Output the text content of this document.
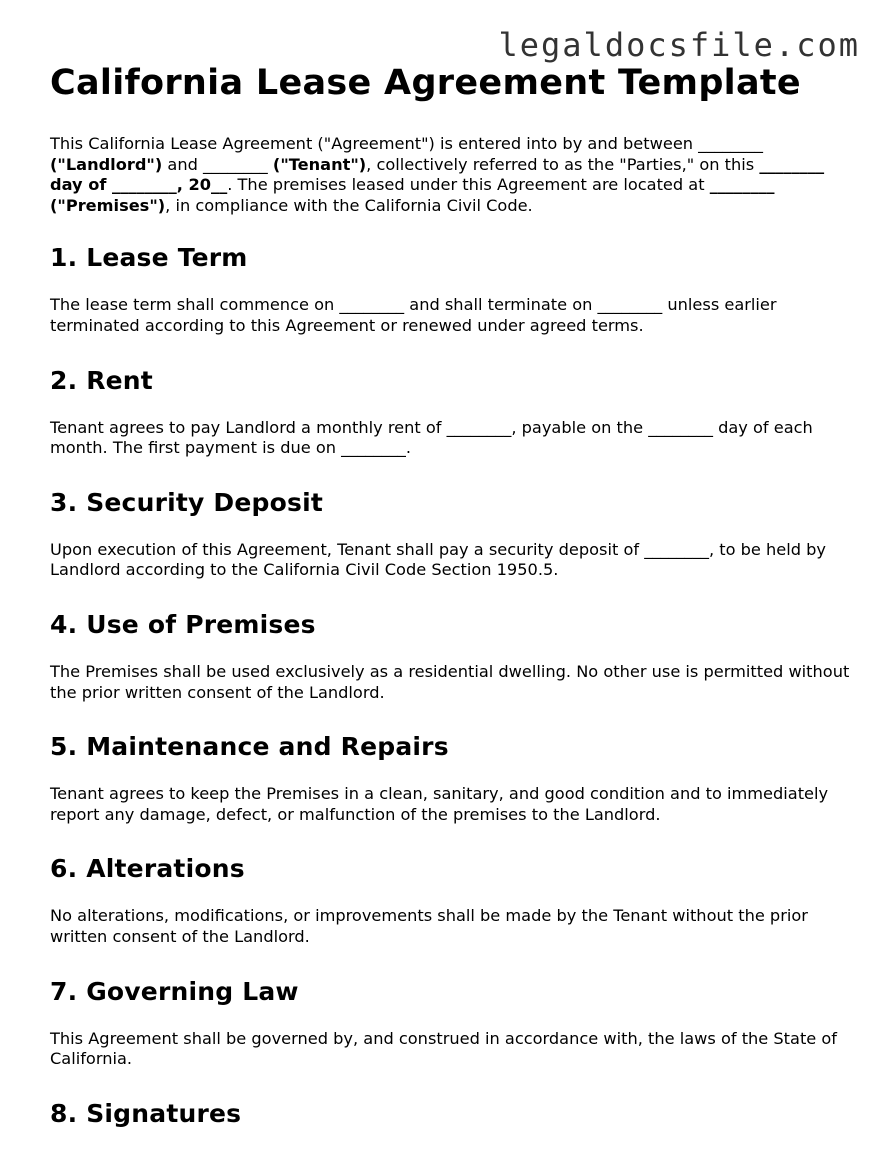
legaldocsfile.com
California Lease Agreement Template

This California Lease Agreement ("Agreement") is entered into by and between ________ ("Landlord") and ________ ("Tenant"), collectively referred to as the "Parties," on this ________ day of ________, 20__. The premises leased under this Agreement are located at ________ ("Premises"), in compliance with the California Civil Code.

1. Lease Term

The lease term shall commence on ________ and shall terminate on ________ unless earlier terminated according to this Agreement or renewed under agreed terms.

2. Rent

Tenant agrees to pay Landlord a monthly rent of ________, payable on the ________ day of each month. The first payment is due on ________.

3. Security Deposit

Upon execution of this Agreement, Tenant shall pay a security deposit of ________, to be held by Landlord according to the California Civil Code Section 1950.5.

4. Use of Premises

The Premises shall be used exclusively as a residential dwelling. No other use is permitted without the prior written consent of the Landlord.

5. Maintenance and Repairs

Tenant agrees to keep the Premises in a clean, sanitary, and good condition and to immediately report any damage, defect, or malfunction of the premises to the Landlord.

6. Alterations

No alterations, modifications, or improvements shall be made by the Tenant without the prior written consent of the Landlord.

7. Governing Law

This Agreement shall be governed by, and construed in accordance with, the laws of the State of California.

8. Signatures
